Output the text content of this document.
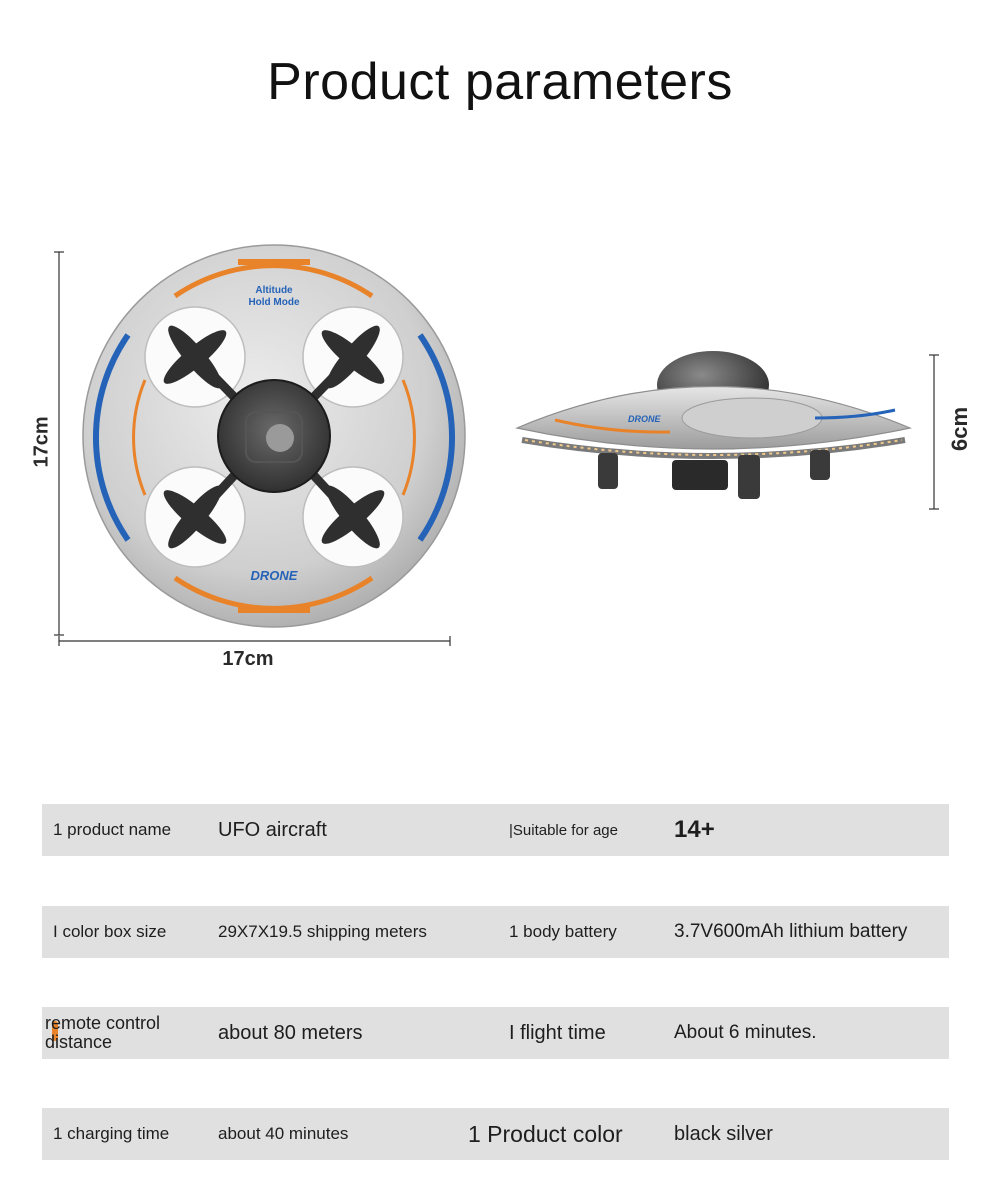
Product parameters
Altitude
Hold Mode
DRONE
DRONE
17cm
17cm
6cm
1 product name	UFO aircraft	|Suitable for age	14+
I color box size	29X7X19.5 shipping meters	1 body battery	3.7V600mAh lithium battery
remote control distance	about 80 meters	I flight time	About 6 minutes.
1 charging time	about 40 minutes	1 Product color	black silver
